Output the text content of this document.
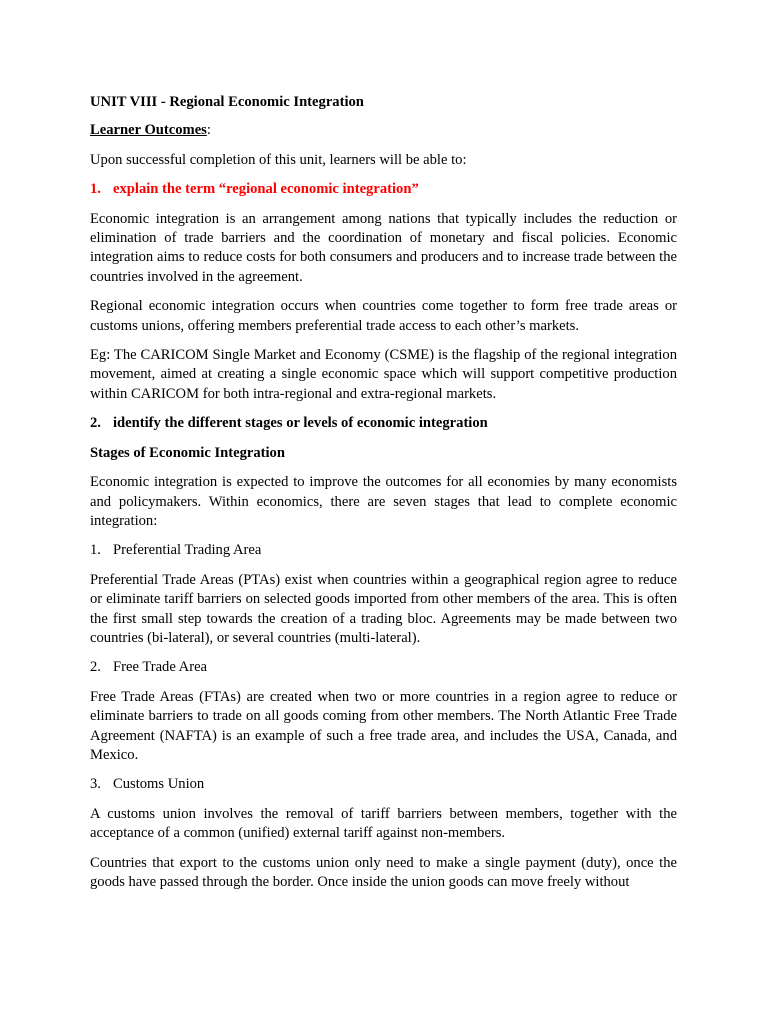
UNIT VIII - Regional Economic Integration

Learner Outcomes:

Upon successful completion of this unit, learners will be able to:

1. explain the term “regional economic integration”

Economic integration is an arrangement among nations that typically includes the reduction or elimination of trade barriers and the coordination of monetary and fiscal policies. Economic integration aims to reduce costs for both consumers and producers and to increase trade between the countries involved in the agreement.

Regional economic integration occurs when countries come together to form free trade areas or customs unions, offering members preferential trade access to each other’s markets.

Eg: The CARICOM Single Market and Economy (CSME) is the flagship of the regional integration movement, aimed at creating a single economic space which will support competitive production within CARICOM for both intra-regional and extra-regional markets.

2. identify the different stages or levels of economic integration

Stages of Economic Integration

Economic integration is expected to improve the outcomes for all economies by many economists and policymakers. Within economics, there are seven stages that lead to complete economic integration:

1. Preferential Trading Area

Preferential Trade Areas (PTAs) exist when countries within a geographical region agree to reduce or eliminate tariff barriers on selected goods imported from other members of the area. This is often the first small step towards the creation of a trading bloc. Agreements may be made between two countries (bi-lateral), or several countries (multi-lateral).

2. Free Trade Area

Free Trade Areas (FTAs) are created when two or more countries in a region agree to reduce or eliminate barriers to trade on all goods coming from other members. The North Atlantic Free Trade Agreement (NAFTA) is an example of such a free trade area, and includes the USA, Canada, and Mexico.

3. Customs Union

A customs union involves the removal of tariff barriers between members, together with the acceptance of a common (unified) external tariff against non-members.

Countries that export to the customs union only need to make a single payment (duty), once the goods have passed through the border. Once inside the union goods can move freely without
